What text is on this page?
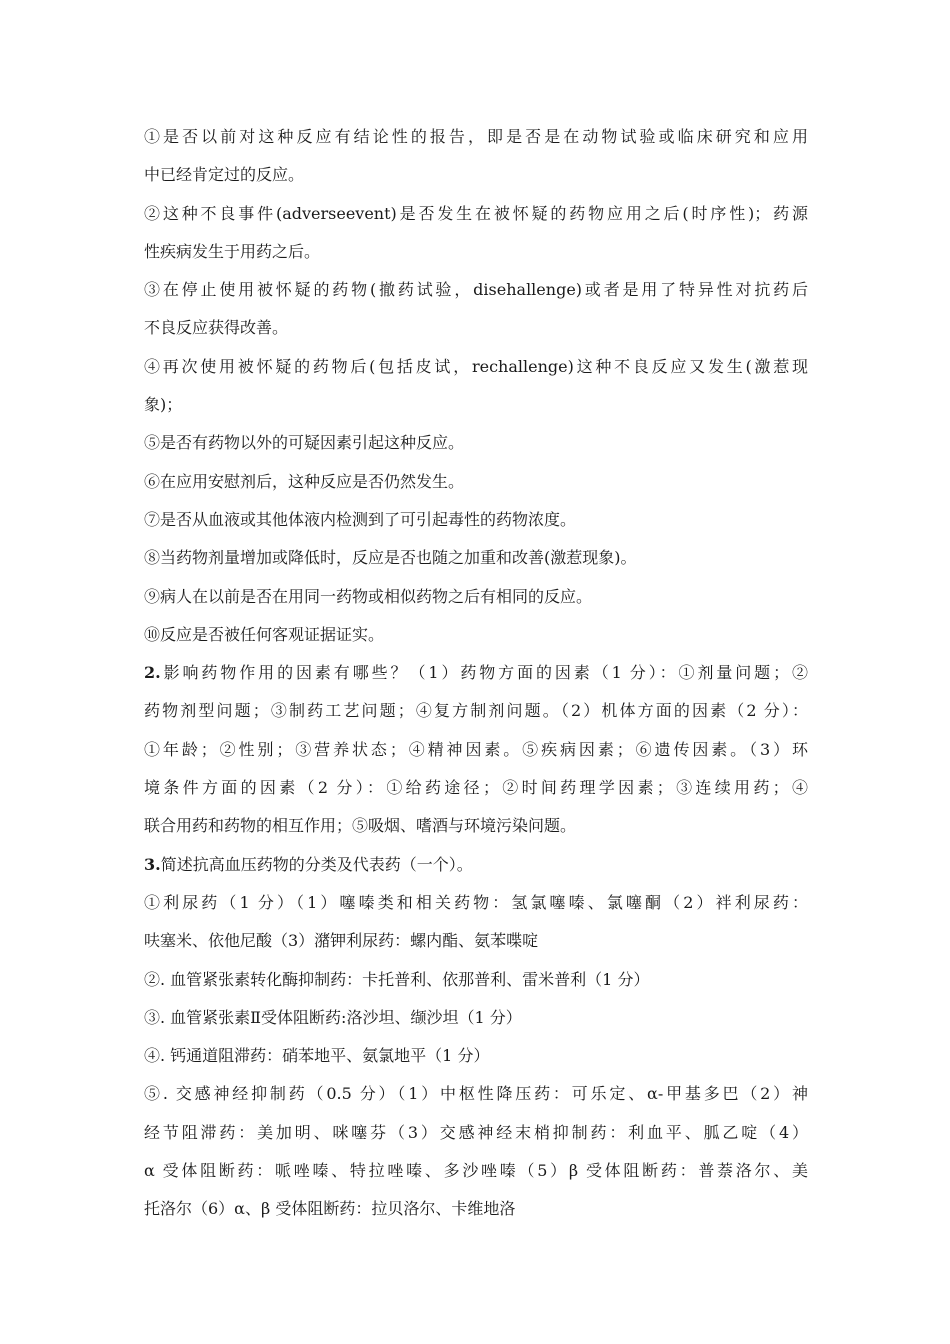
①是否以前对这种反应有结论性的报告，即是否是在动物试验或临床研究和应用
中已经肯定过的反应。
②这种不良事件(adverseevent)是否发生在被怀疑的药物应用之后(时序性)；药源
性疾病发生于用药之后。
③在停止使用被怀疑的药物(撤药试验，disehallenge)或者是用了特异性对抗药后
不良反应获得改善。
④再次使用被怀疑的药物后(包括皮试，rechallenge)这种不良反应又发生(激惹现
象)；
⑤是否有药物以外的可疑因素引起这种反应。
⑥在应用安慰剂后，这种反应是否仍然发生。
⑦是否从血液或其他体液内检测到了可引起毒性的药物浓度。
⑧当药物剂量增加或降低时，反应是否也随之加重和改善(激惹现象)。
⑨病人在以前是否在用同一药物或相似药物之后有相同的反应。
⑩反应是否被任何客观证据证实。
2.影响药物作用的因素有哪些？（1）药物方面的因素（1 分）：①剂量问题；②
药物剂型问题；③制药工艺问题；④复方制剂问题。（2）机体方面的因素（2 分）：
①年龄；②性别；③营养状态；④精神因素。⑤疾病因素；⑥遗传因素。（3）环
境条件方面的因素（2 分）：①给药途径；②时间药理学因素；③连续用药；④
联合用药和药物的相互作用；⑤吸烟、嗜酒与环境污染问题。
3.简述抗高血压药物的分类及代表药（一个）。
①利尿药（1 分）（1）噻嗪类和相关药物：氢氯噻嗪、氯噻酮（2）袢利尿药：
呋塞米、依他尼酸（3）潴钾利尿药：螺内酯、氨苯喋啶
②. 血管紧张素转化酶抑制药：卡托普利、依那普利、雷米普利（1 分）
③. 血管紧张素Ⅱ受体阻断药:洛沙坦、缬沙坦（1 分）
④. 钙通道阻滞药：硝苯地平、氨氯地平（1 分）
⑤. 交感神经抑制药（0.5 分）（1）中枢性降压药：可乐定、α-甲基多巴（2）神
经节阻滞药：美加明、咪噻芬（3）交感神经末梢抑制药：利血平、胍乙啶（4）
α 受体阻断药：哌唑嗪、特拉唑嗪、多沙唑嗪（5）β 受体阻断药：普萘洛尔、美
托洛尔（6）α、β 受体阻断药：拉贝洛尔、卡维地洛
